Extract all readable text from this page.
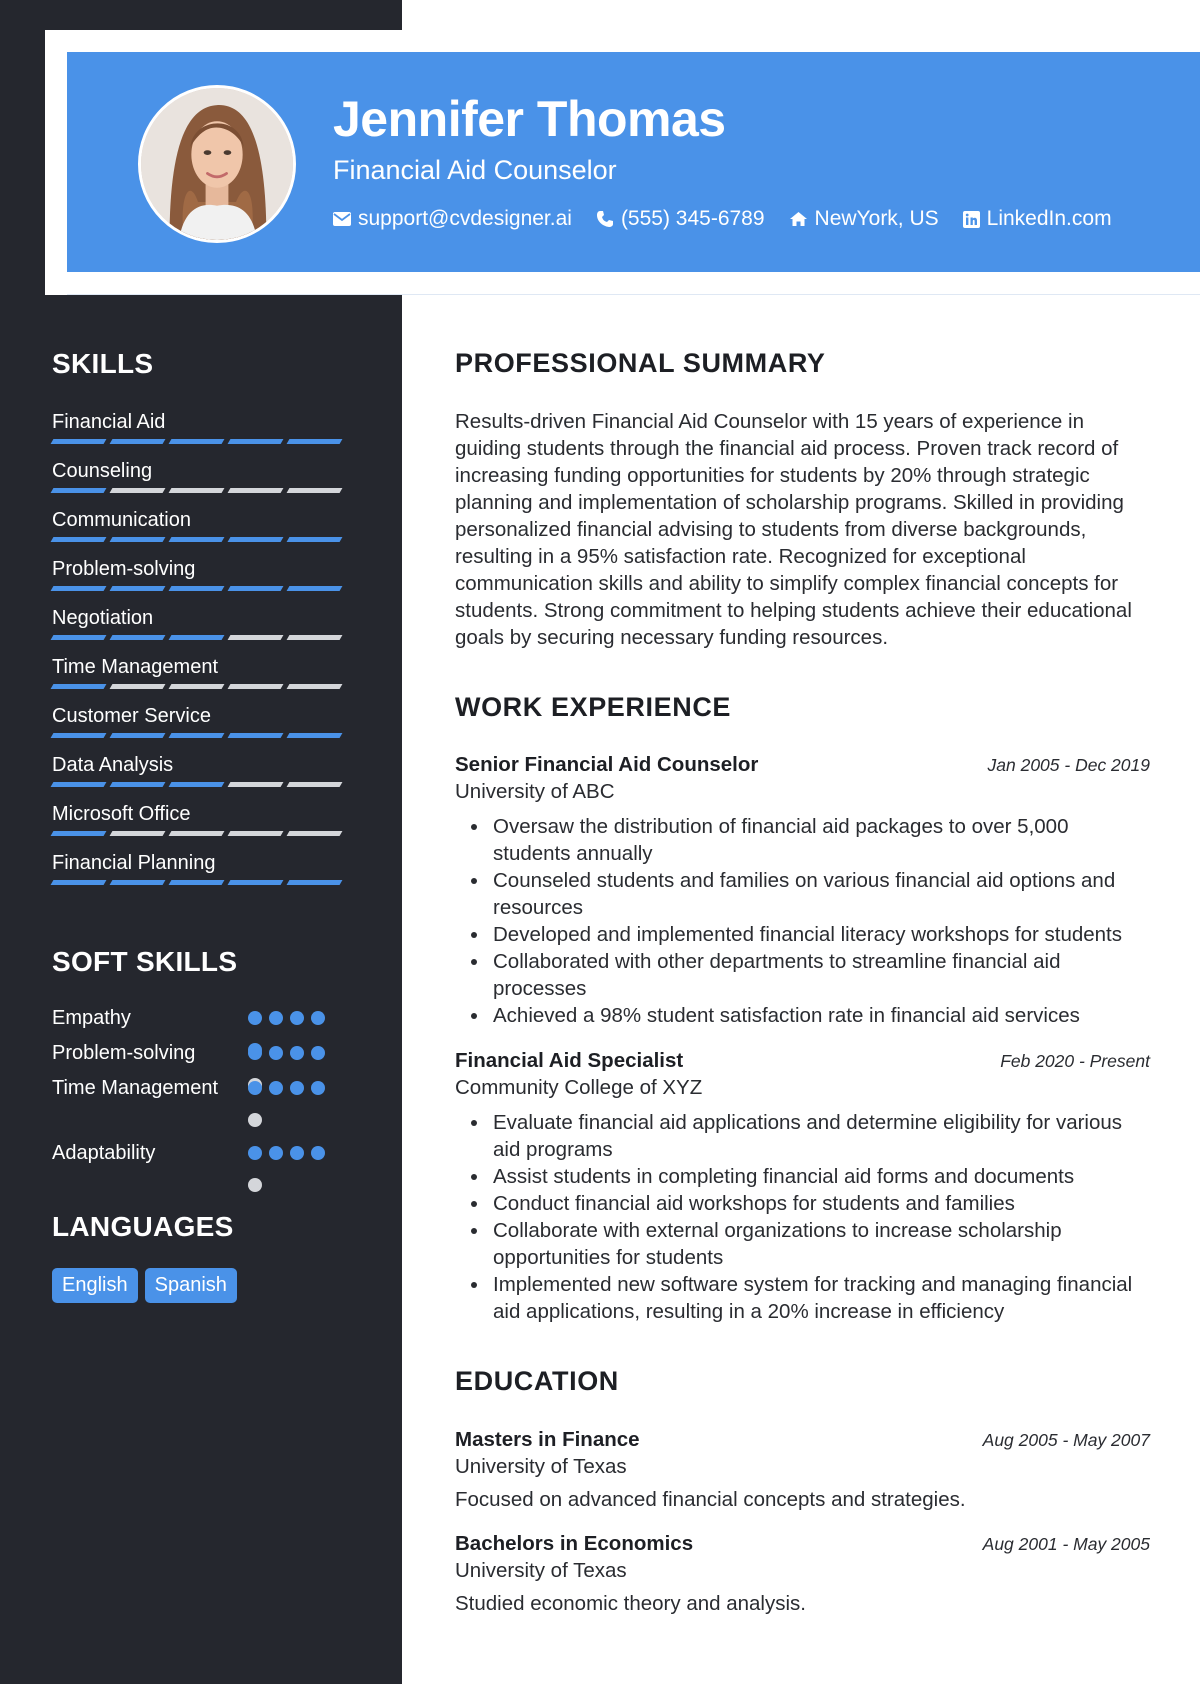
Jennifer Thomas
Financial Aid Counselor
support@cvdesigner.ai (555) 345-6789 NewYork, US LinkedIn.com
SKILLS
Financial Aid
Counseling
Communication
Problem-solving
Negotiation
Time Management
Customer Service
Data Analysis
Microsoft Office
Financial Planning
SOFT SKILLS
Empathy
Problem-solving
Time Management
Adaptability
LANGUAGES
English	Spanish
PROFESSIONAL SUMMARY
Results-driven Financial Aid Counselor with 15 years of experience in guiding students through the financial aid process. Proven track record of increasing funding opportunities for students by 20% through strategic planning and implementation of scholarship programs. Skilled in providing personalized financial advising to students from diverse backgrounds, resulting in a 95% satisfaction rate. Recognized for exceptional communication skills and ability to simplify complex financial concepts for students. Strong commitment to helping students achieve their educational goals by securing necessary funding resources.
WORK EXPERIENCE
Senior Financial Aid Counselor	Jan 2005 - Dec 2019
University of ABC
Oversaw the distribution of financial aid packages to over 5,000 students annually
Counseled students and families on various financial aid options and resources
Developed and implemented financial literacy workshops for students
Collaborated with other departments to streamline financial aid processes
Achieved a 98% student satisfaction rate in financial aid services
Financial Aid Specialist	Feb 2020 - Present
Community College of XYZ
Evaluate financial aid applications and determine eligibility for various aid programs
Assist students in completing financial aid forms and documents
Conduct financial aid workshops for students and families
Collaborate with external organizations to increase scholarship opportunities for students
Implemented new software system for tracking and managing financial aid applications, resulting in a 20% increase in efficiency
EDUCATION
Masters in Finance	Aug 2005 - May 2007
University of Texas
Focused on advanced financial concepts and strategies.
Bachelors in Economics	Aug 2001 - May 2005
University of Texas
Studied economic theory and analysis.
